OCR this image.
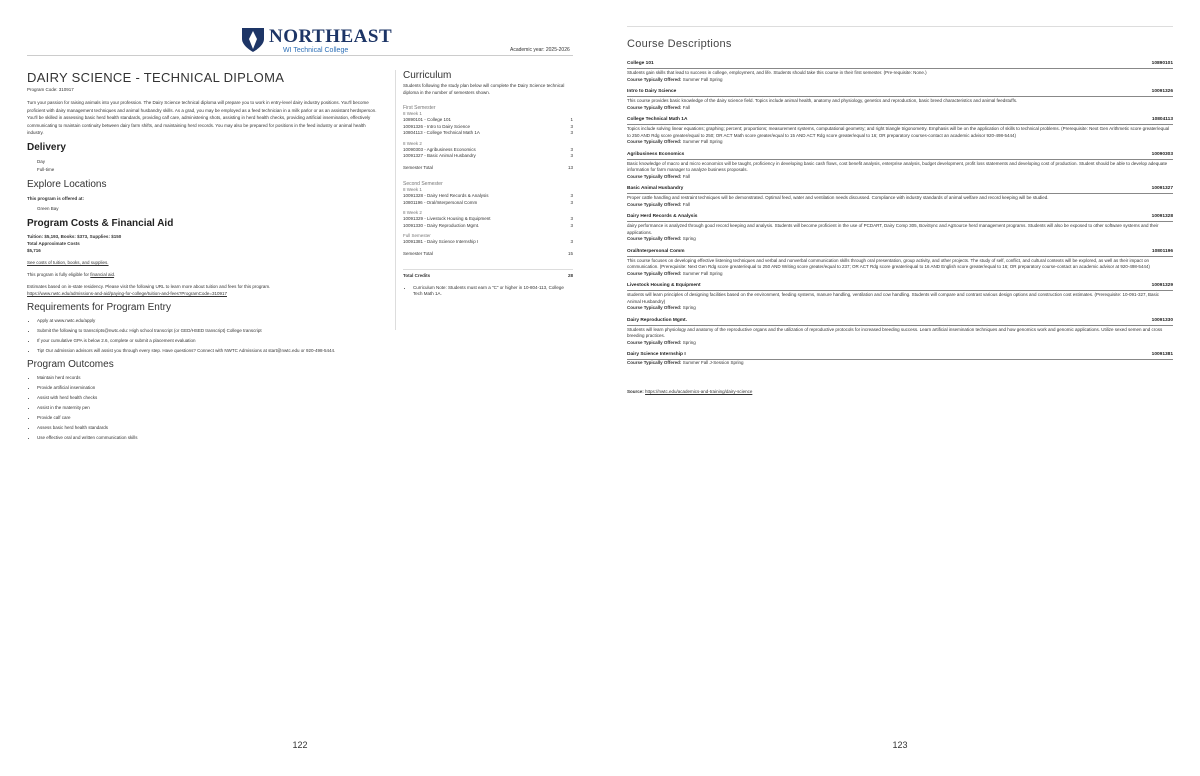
NORTHEAST
WI Technical College	Academic year: 2025-2026
DAIRY SCIENCE - TECHNICAL DIPLOMA
Program Code: 310917
Turn your passion for raising animals into your profession. The Dairy Science technical diploma will prepare you to work in entry-level dairy industry positions. You'll become proficient with dairy management techniques and animal husbandry skills. As a grad, you may be employed as a feed technician in a milk parlor or as an assistant herdsperson. You'll be skilled in assessing basic herd health standards, providing calf care, administering shots, assisting in herd health checks, providing artificial insemination, effectively communicating to maintain continuity between dairy farm shifts, and maintaining herd records. You may also be prepared for positions in the feed industry or animal health industry.
Delivery
Day
Full-time
Explore Locations
This program is offered at:
Green Bay
Program Costs & Financial Aid
Tuition: $5,193, Books: $373, Supplies: $150
Total Approximate Costs
$5,716
See costs of tuition, books, and supplies.
This program is fully eligible for financial aid.
Estimates based on in-state residency. Please visit the following URL to learn more about tuition and fees for this program.
https://www.nwtc.edu/admissions-and-aid/paying-for-college/tuition-and-fees?ProgramCode=310917
Requirements for Program Entry
• Apply at www.nwtc.edu/apply
• Submit the following to transcripts@nwtc.edu: High school transcript (or GED/HSED transcript) College transcript
• If your cumulative GPA is below 2.6, complete or submit a placement evaluation
• Tip! Our admission advisors will assist you through every step. Have questions? Connect with NWTC Admissions at start@nwtc.edu or 920-498-5444.
Program Outcomes
• Maintain herd records
• Provide artificial insemination
• Assist with herd health checks
• Assist in the maternity pen
• Provide calf care
• Assess basic herd health standards
• Use effective oral and written communication skills
Curriculum
Students following the study plan below will complete the Dairy Science technical diploma in the number of semesters shown.
First Semester
8 Week 1
10890101 - College 101	1
10091326 - Intro to Dairy Science	3
10804113 - College Technical Math 1A	3
8 Week 2
10090303 - Agribusiness Economics	3
10091327 - Basic Animal Husbandry	3
Semester Total	13
Second Semester
8 Week 1
10091328 - Dairy Herd Records & Analysis	3
10801196 - Oral/Interpersonal Comm	3
8 Week 2
10091329 - Livestock Housing & Equipment	3
10091330 - Dairy Reproduction Mgmt.	3
Full Semester
10091381 - Dairy Science Internship I	3
Semester Total	15
Total Credits	28
• Curriculum Note: Students must earn a "C" or higher in 10-804-113, College Tech Math 1A.
122	123
Course Descriptions
College 101	10890101
Students gain skills that lead to success in college, employment, and life. Students should take this course in their first semester. (Pre-requisite: None.)
Course Typically Offered: Summer Fall Spring
Intro to Dairy Science	10091326
This course provides basic knowledge of the dairy science field. Topics include animal health, anatomy and physiology, genetics and reproduction, basic breed characteristics and animal feedstuffs.
Course Typically Offered: Fall
College Technical Math 1A	10804113
Topics include solving linear equations; graphing; percent; proportions; measurement systems, computational geometry; and right triangle trigonometry. Emphasis will be on the application of skills to technical problems. (Prerequisite: Next Gen Arithmetic score greater/equal to 250 AND Rdg score greater/equal to 250; OR ACT Math score greater/equal to 15 AND ACT Rdg score greater/equal to 16; OR preparatory courses-contact an academic advisor 920-498-5444)
Course Typically Offered: Summer Fall Spring
Agribusiness Economics	10090303
Basic knowledge of macro and micro economics will be taught, proficiency in developing basic cash flows, cost benefit analysis, enterprise analysis, budget development, profit loss statements and developing cost of production. Student should be able to develop adequate information for farm manager to analyze business proposals.
Course Typically Offered: Fall
Basic Animal Husbandry	10091327
Proper cattle handling and restraint techniques will be demonstrated. Optimal feed, water and ventilation needs discussed. Compliance with industry standards of animal welfare and record keeping will be studied.
Course Typically Offered: Fall
Dairy Herd Records & Analysis	10091328
dairy performance is analyzed through good record keeping and analysis. Students will become proficient in the use of PCDART, Dairy Comp 305, BoviSync and AgSource herd management programs. Students will also be exposed to other software systems and their applications.
Course Typically Offered: Spring
Oral/Interpersonal Comm	10801196
This course focuses on developing effective listening techniques and verbal and nonverbal communication skills through oral presentation, group activity, and other projects. The study of self, conflict, and cultural contexts will be explored, as well as their impact on communication. (Prerequisite: Next Gen Rdg score greater/equal to 250 AND Writing score greater/equal to 237; OR ACT Rdg score greater/equal to 16 AND English score greater/equal to 16; OR preparatory course-contact an academic advisor at 920-498-5444)
Course Typically Offered: Summer Fall Spring
Livestock Housing & Equipment	10091329
students will learn principles of designing facilities based on the environment, feeding systems, manure handling, ventilation and cow handling. Students will compare and contrast various design options and construction cost estimates. (Prerequisite: 10-091-327, Basic Animal Husbandry)
Course Typically Offered: Spring
Dairy Reproduction Mgmt.	10091330
Students will learn physiology and anatomy of the reproductive organs and the utilization of reproductive protocols for increased breeding success. Learn artificial insemination techniques and how genomics work and genomic applications. Utilize sexed semen and cross breeding practices.
Course Typically Offered: Spring
Dairy Science Internship I	10091381
Course Typically Offered: Summer Fall J-Session Spring
Source: https://nwtc.edu/academics-and-training/dairy-science
